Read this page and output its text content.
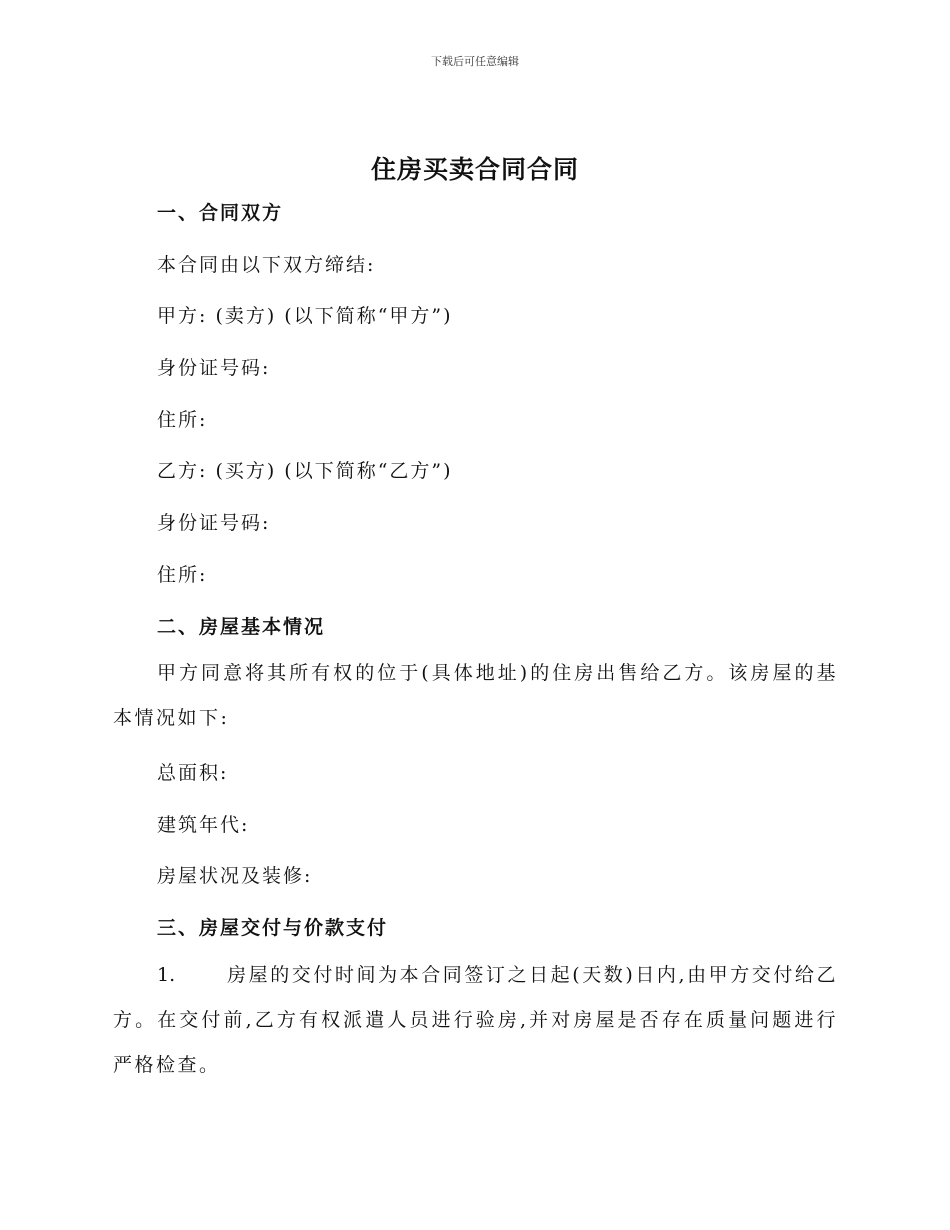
下载后可任意编辑
住房买卖合同合同
一、合同双方
本合同由以下双方缔结:
甲方: (卖方) (以下简称“甲方”)
身份证号码:
住所:
乙方: (买方) (以下简称“乙方”)
身份证号码:
住所:
二、房屋基本情况
甲方同意将其所有权的位于(具体地址)的住房出售给乙方。该房屋的基本情况如下:
总面积:
建筑年代:
房屋状况及装修:
三、房屋交付与价款支付
1.	房屋的交付时间为本合同签订之日起(天数)日内,由甲方交付给乙方。在交付前,乙方有权派遣人员进行验房,并对房屋是否存在质量问题进行严格检查。
